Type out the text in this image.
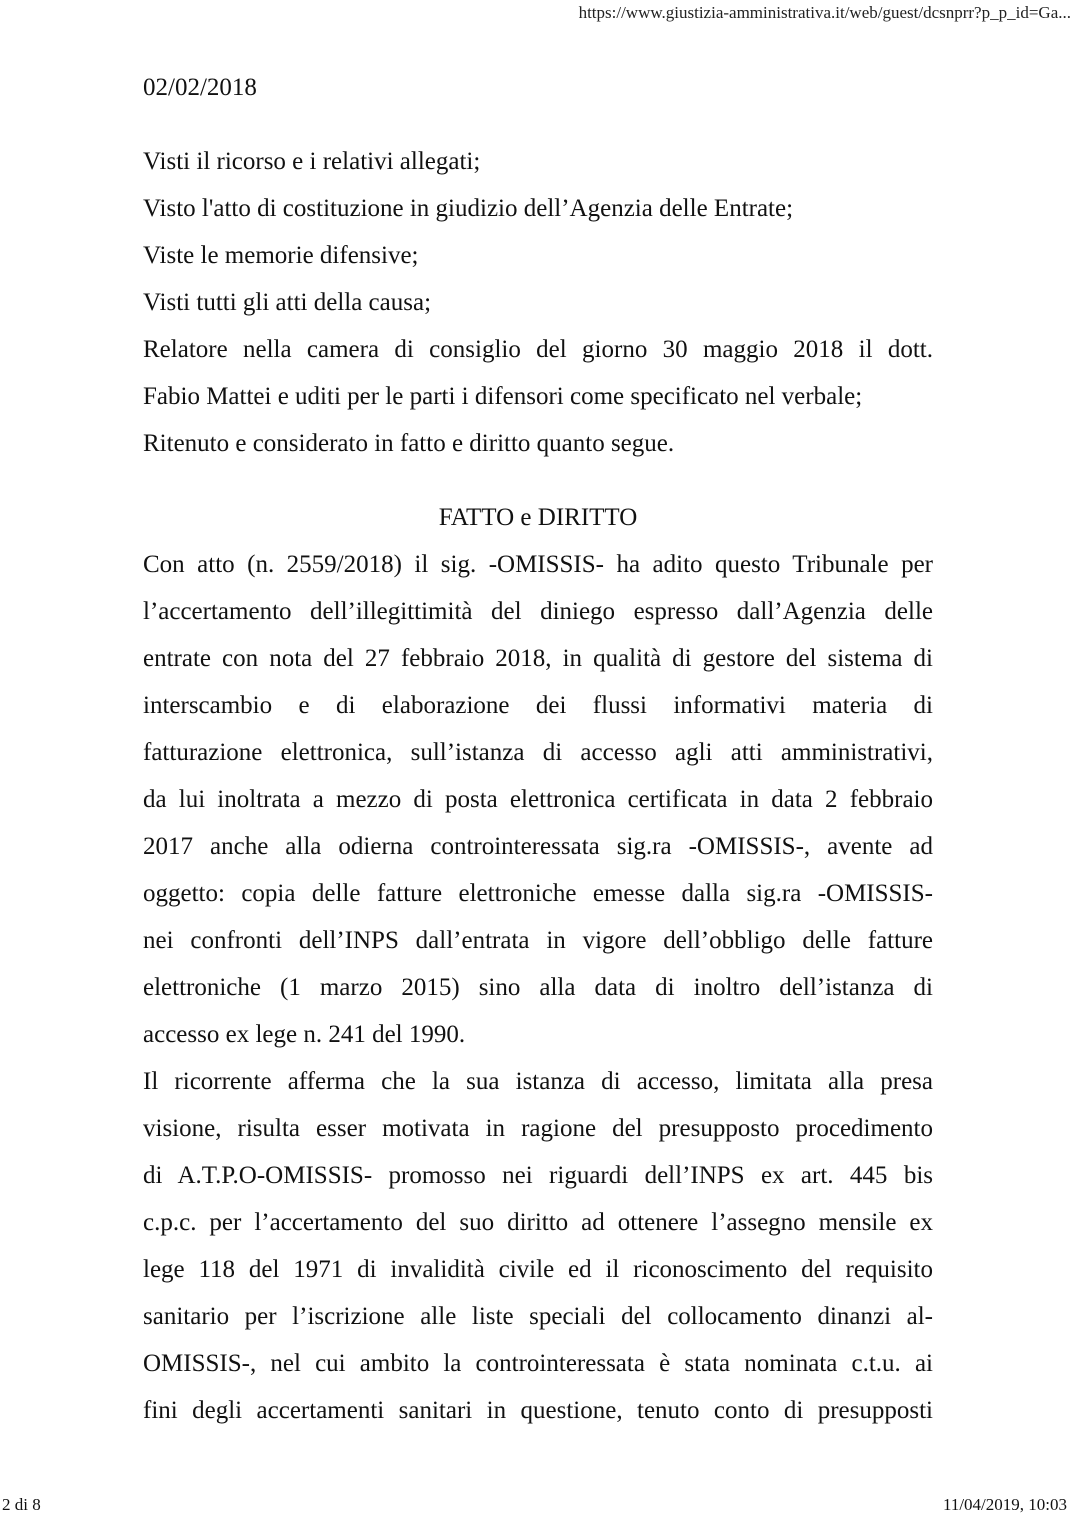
https://www.giustizia-amministrativa.it/web/guest/dcsnprr?p_p_id=Ga...
02/02/2018
Visti il ricorso e i relativi allegati;
Visto l'atto di costituzione in giudizio dell’Agenzia delle Entrate;
Viste le memorie difensive;
Visti tutti gli atti della causa;
Relatore nella camera di consiglio del giorno 30 maggio 2018 il dott.
Fabio Mattei e uditi per le parti i difensori come specificato nel verbale;
Ritenuto e considerato in fatto e diritto quanto segue.
FATTO e DIRITTO
Con atto (n. 2559/2018) il sig. -OMISSIS- ha adito questo Tribunale per
l’accertamento dell’illegittimità del diniego espresso dall’Agenzia delle
entrate con nota del 27 febbraio 2018, in qualità di gestore del sistema di
interscambio e di elaborazione dei flussi informativi materia di
fatturazione elettronica, sull’istanza di accesso agli atti amministrativi,
da lui inoltrata a mezzo di posta elettronica certificata in data 2 febbraio
2017 anche alla odierna controinteressata sig.ra -OMISSIS-, avente ad
oggetto: copia delle fatture elettroniche emesse dalla sig.ra -OMISSIS-
nei confronti dell’INPS dall’entrata in vigore dell’obbligo delle fatture
elettroniche (1 marzo 2015) sino alla data di inoltro dell’istanza di
accesso ex lege n. 241 del 1990.
Il ricorrente afferma che la sua istanza di accesso, limitata alla presa
visione, risulta esser motivata in ragione del presupposto procedimento
di A.T.P.O-OMISSIS- promosso nei riguardi dell’INPS ex art. 445 bis
c.p.c. per l’accertamento del suo diritto ad ottenere l’assegno mensile ex
lege 118 del 1971 di invalidità civile ed il riconoscimento del requisito
sanitario per l’iscrizione alle liste speciali del collocamento dinanzi al-
OMISSIS-, nel cui ambito la controinteressata è stata nominata c.t.u. ai
fini degli accertamenti sanitari in questione, tenuto conto di presupposti
2 di 8	11/04/2019, 10:03
